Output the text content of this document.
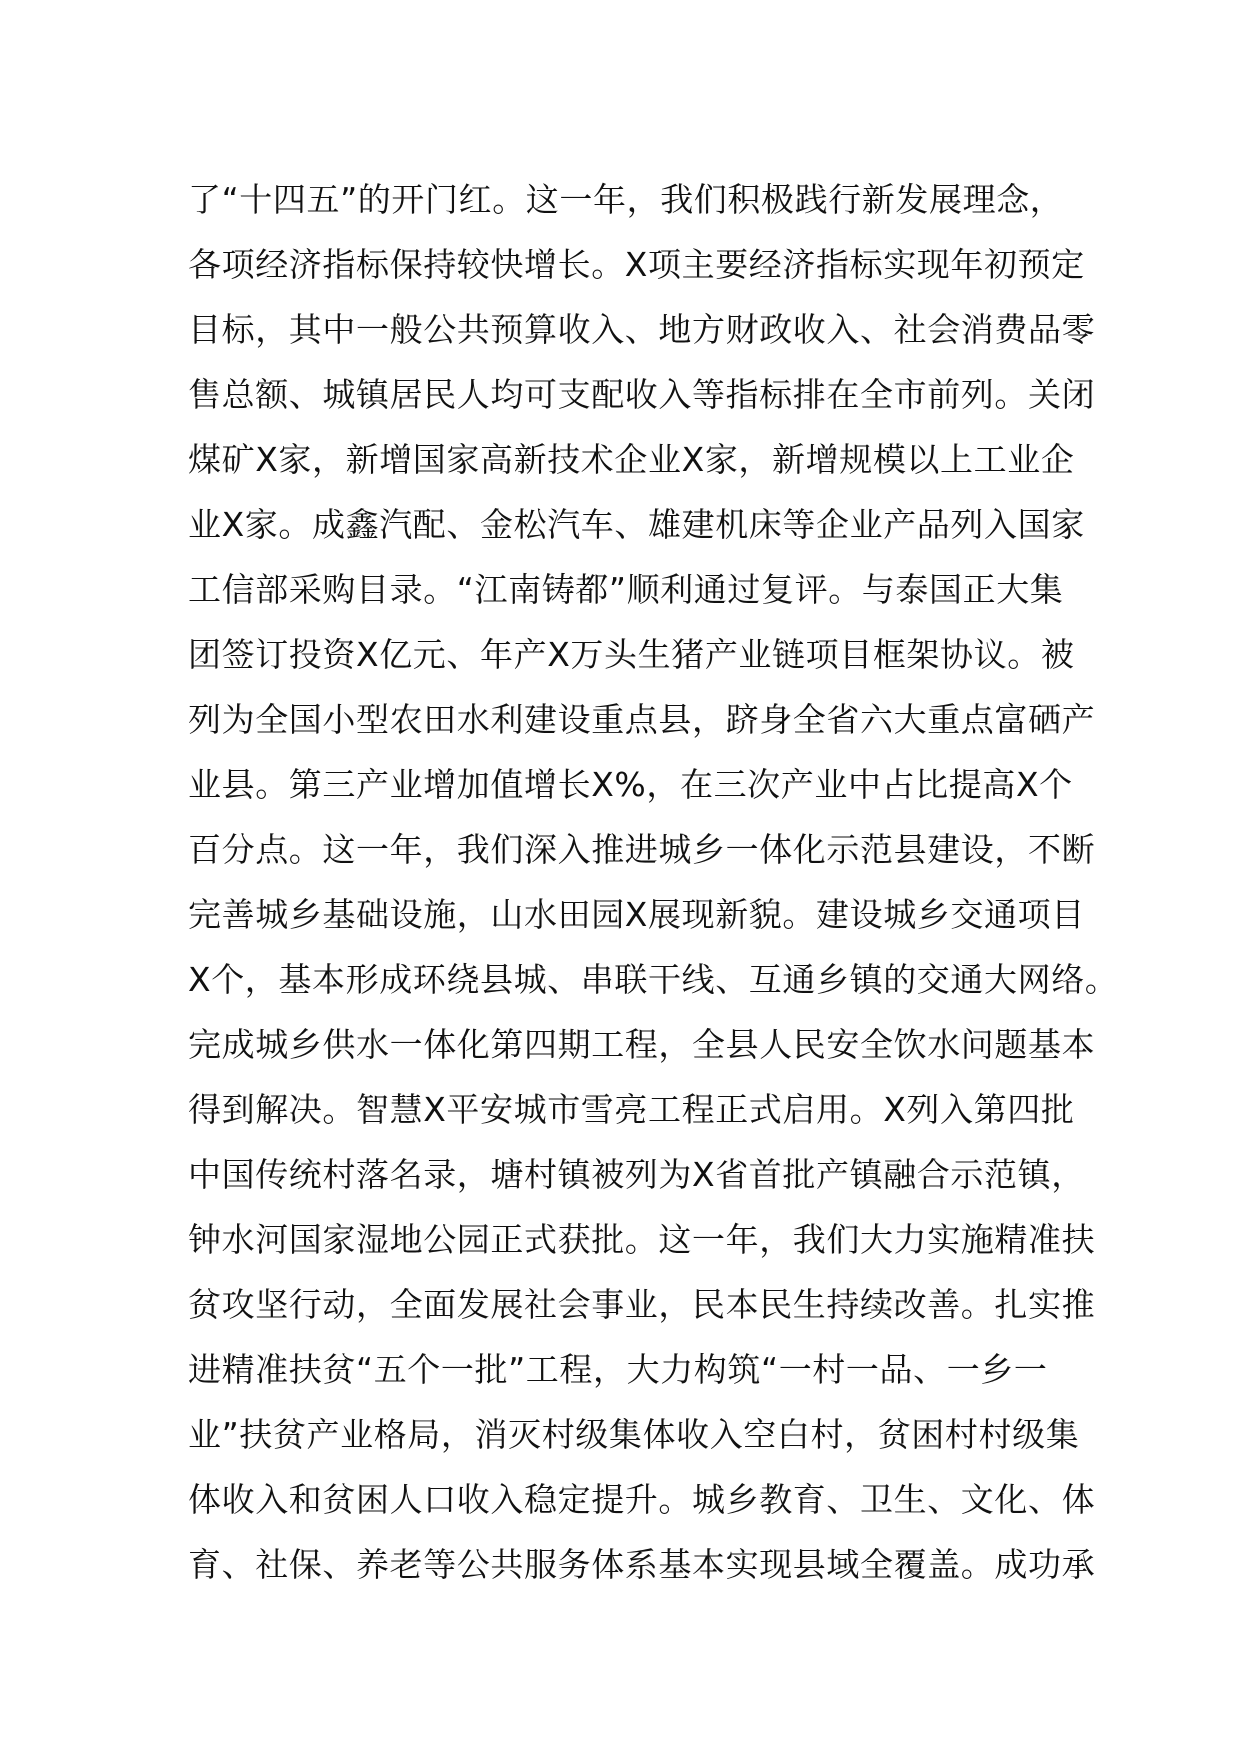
了“十四五”的开门红。这一年，我们积极践行新发展理念，
各项经济指标保持较快增长。X项主要经济指标实现年初预定
目标，其中一般公共预算收入、地方财政收入、社会消费品零
售总额、城镇居民人均可支配收入等指标排在全市前列。关闭
煤矿X家，新增国家高新技术企业X家，新增规模以上工业企
业X家。成鑫汽配、金松汽车、雄建机床等企业产品列入国家
工信部采购目录。“江南铸都”顺利通过复评。与泰国正大集
团签订投资X亿元、年产X万头生猪产业链项目框架协议。被
列为全国小型农田水利建设重点县，跻身全省六大重点富硒产
业县。第三产业增加值增长X%，在三次产业中占比提高X个
百分点。这一年，我们深入推进城乡一体化示范县建设，不断
完善城乡基础设施，山水田园X展现新貌。建设城乡交通项目
X个，基本形成环绕县城、串联干线、互通乡镇的交通大网络。
完成城乡供水一体化第四期工程，全县人民安全饮水问题基本
得到解决。智慧X平安城市雪亮工程正式启用。X列入第四批
中国传统村落名录，塘村镇被列为X省首批产镇融合示范镇，
钟水河国家湿地公园正式获批。这一年，我们大力实施精准扶
贫攻坚行动，全面发展社会事业，民本民生持续改善。扎实推
进精准扶贫“五个一批”工程，大力构筑“一村一品、一乡一
业”扶贫产业格局，消灭村级集体收入空白村，贫困村村级集
体收入和贫困人口收入稳定提升。城乡教育、卫生、文化、体
育、社保、养老等公共服务体系基本实现县域全覆盖。成功承
